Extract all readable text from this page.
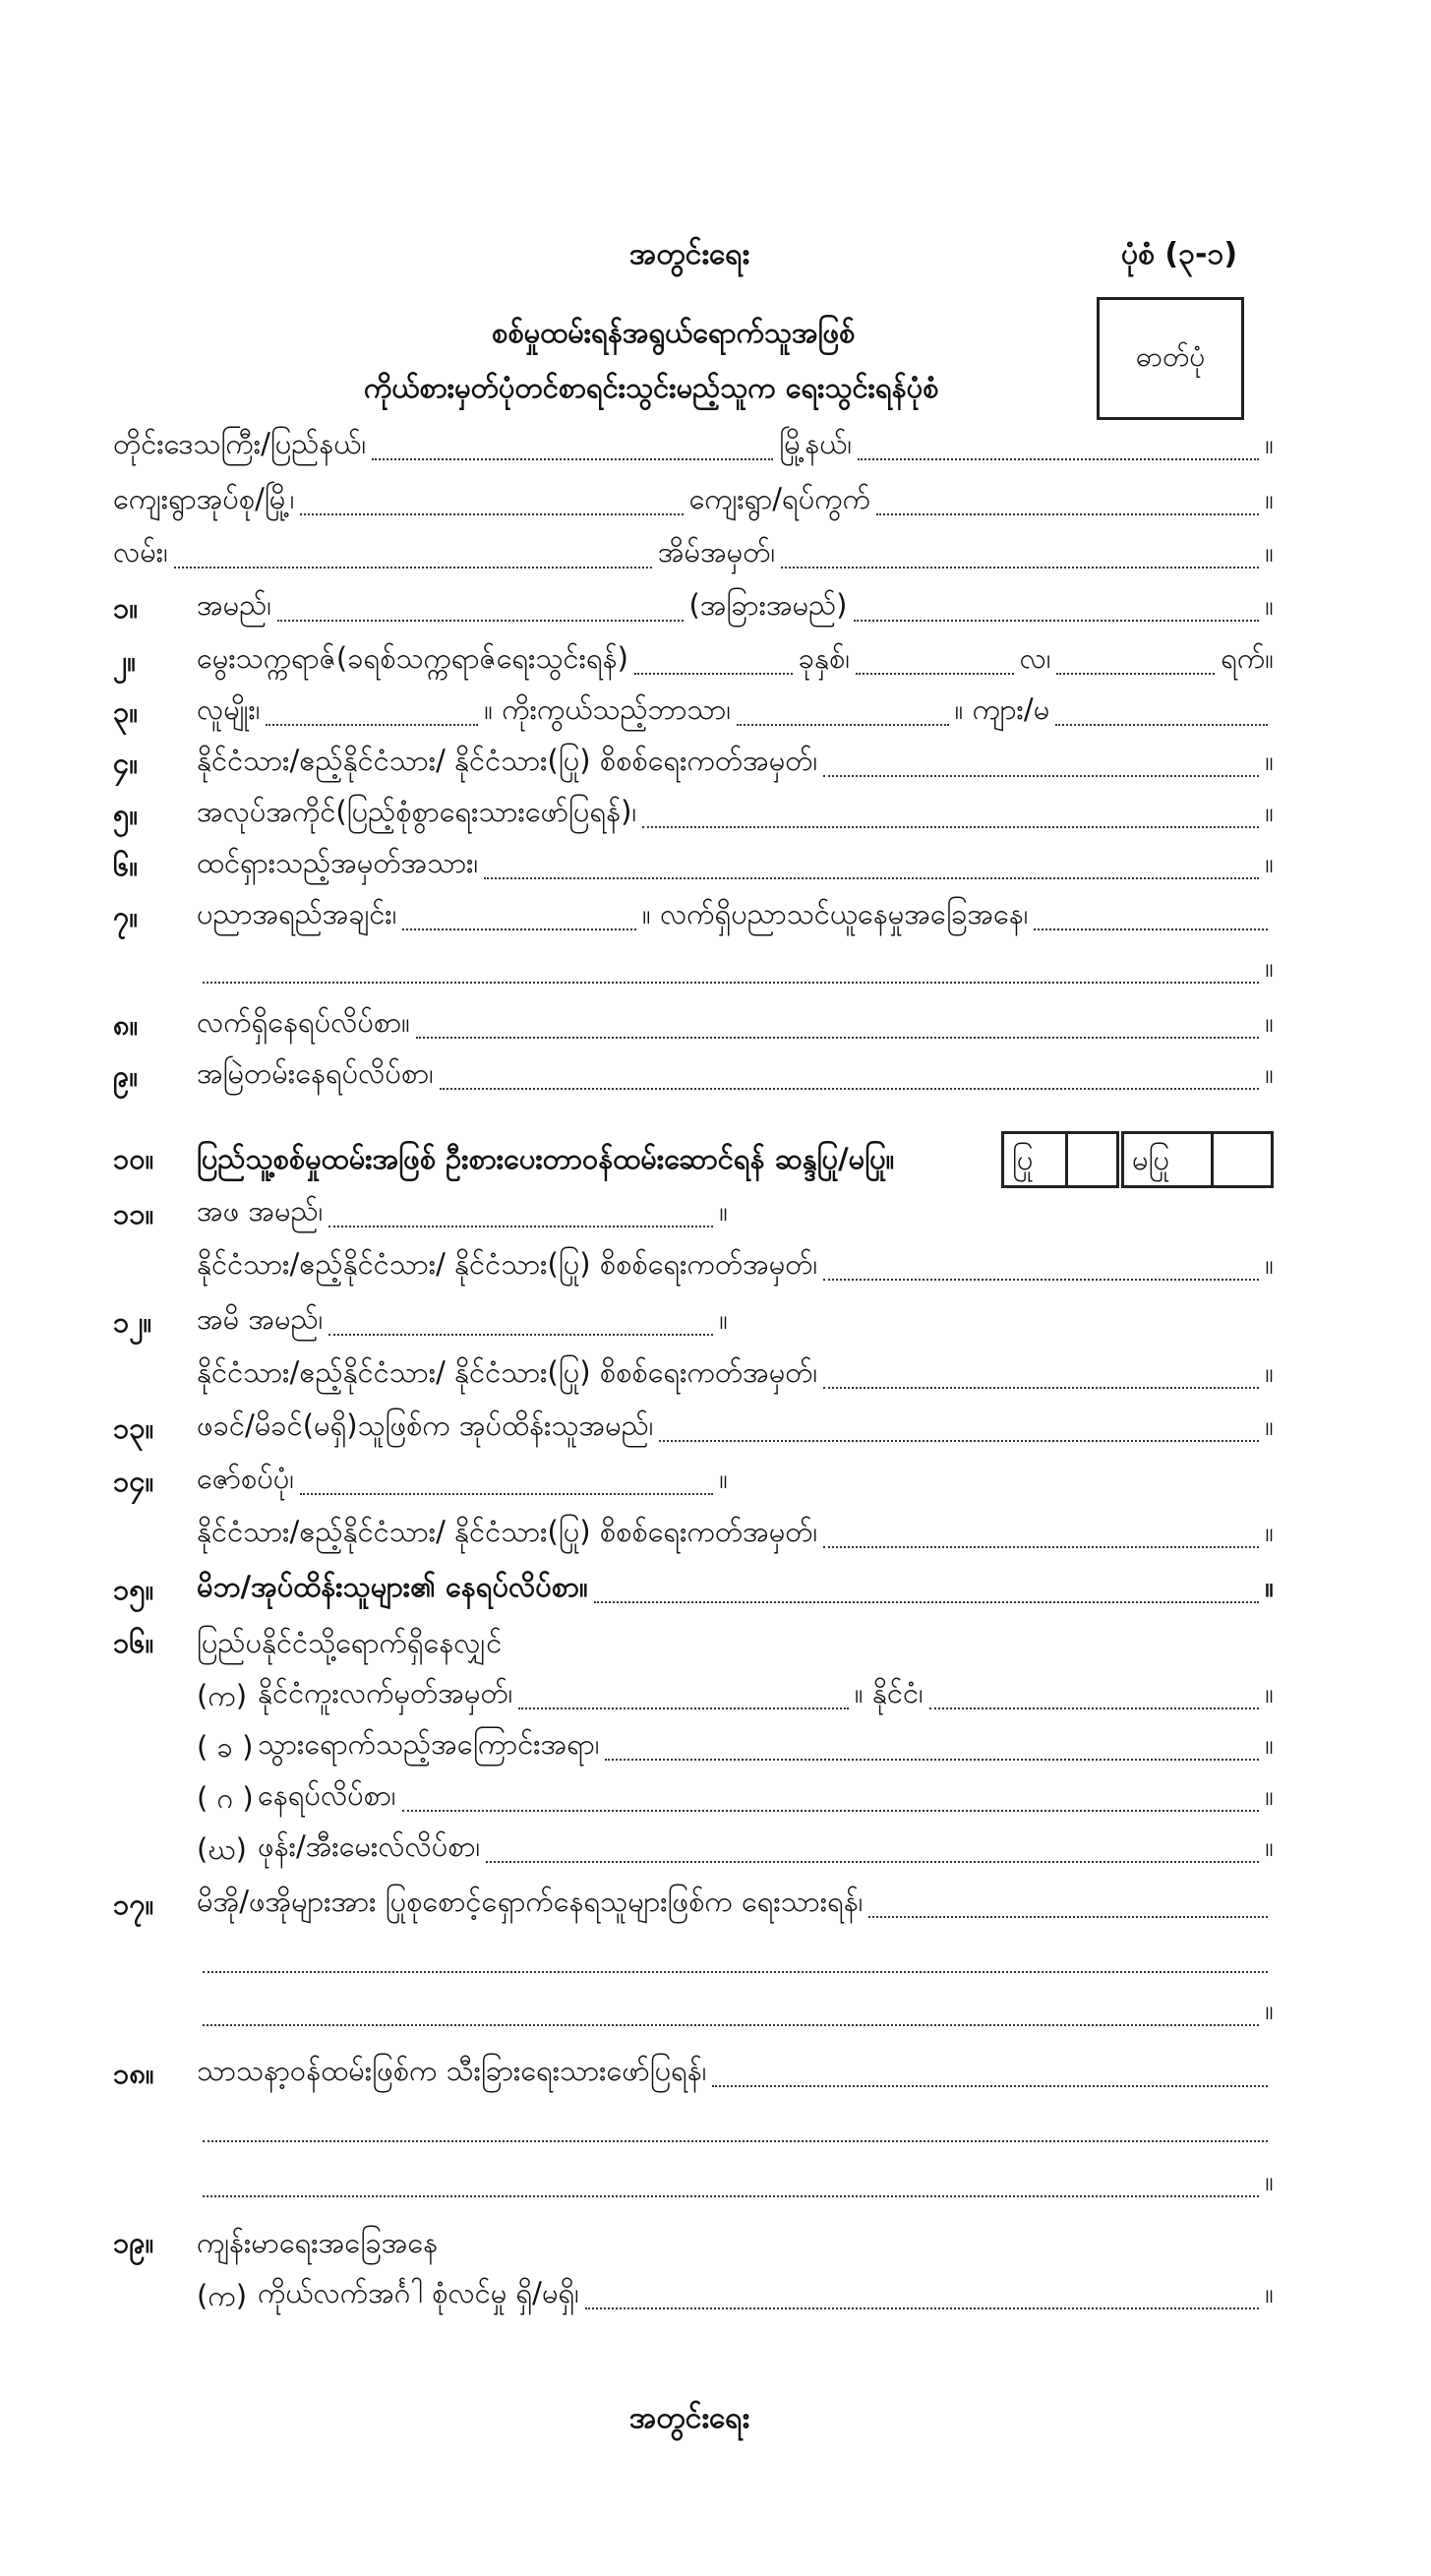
အတွင်းရေး	ပုံစံ (၃-၁)
ဓာတ်ပုံ
စစ်မှုထမ်းရန်အရွယ်ရောက်သူအဖြစ်
ကိုယ်စားမှတ်ပုံတင်စာရင်းသွင်းမည့်သူက ရေးသွင်းရန်ပုံစံ
တိုင်းဒေသကြီး/ပြည်နယ်၊	မြို့နယ်၊	။
ကျေးရွာအုပ်စု/မြို့၊	ကျေးရွာ/ရပ်ကွက်	။
လမ်း၊	အိမ်အမှတ်၊	။
၁။ အမည်၊	(အခြားအမည်)	။
၂။ မွေးသက္ကရာဇ်(ခရစ်သက္ကရာဇ်ရေးသွင်းရန်)	ခုနှစ်၊	လ၊	ရက်။
၃။ လူမျိုး၊	။ ကိုးကွယ်သည့်ဘာသာ၊	။ ကျား/မ
၄။ နိုင်ငံသား/ဧည့်နိုင်ငံသား/ နိုင်ငံသား(ပြု) စိစစ်ရေးကတ်အမှတ်၊	။
၅။ အလုပ်အကိုင်(ပြည့်စုံစွာရေးသားဖော်ပြရန်)၊	။
၆။ ထင်ရှားသည့်အမှတ်အသား၊	။
၇။ ပညာအရည်အချင်း၊	။ လက်ရှိပညာသင်ယူနေမှုအခြေအနေ၊
။
၈။ လက်ရှိနေရပ်လိပ်စာ။	။
၉။ အမြဲတမ်းနေရပ်လိပ်စာ၊	။
၁၀။ ပြည်သူ့စစ်မှုထမ်းအဖြစ် ဦးစားပေးတာဝန်ထမ်းဆောင်ရန် ဆန္ဒပြု/မပြု။	ပြု	မပြု
၁၁။ အဖ အမည်၊	။
နိုင်ငံသား/ဧည့်နိုင်ငံသား/ နိုင်ငံသား(ပြု) စိစစ်ရေးကတ်အမှတ်၊	။
၁၂။ အမိ အမည်၊	။
နိုင်ငံသား/ဧည့်နိုင်ငံသား/ နိုင်ငံသား(ပြု) စိစစ်ရေးကတ်အမှတ်၊	။
၁၃။ ဖခင်/မိခင်(မရှိ)သူဖြစ်က အုပ်ထိန်းသူအမည်၊	။
၁၄။ ဇော်စပ်ပုံ၊	။
နိုင်ငံသား/ဧည့်နိုင်ငံသား/ နိုင်ငံသား(ပြု) စိစစ်ရေးကတ်အမှတ်၊	။
၁၅။ မိဘ/အုပ်ထိန်းသူများ၏ နေရပ်လိပ်စာ။	။
၁၆။ ပြည်ပနိုင်ငံသို့ရောက်ရှိနေလျှင်
(က) နိုင်ငံကူးလက်မှတ်အမှတ်၊	။ နိုင်ငံ၊	။
( ခ ) သွားရောက်သည့်အကြောင်းအရာ၊	။
( ဂ ) နေရပ်လိပ်စာ၊	။
(ဃ) ဖုန်း/အီးမေးလ်လိပ်စာ၊	။
၁၇။ မိအို/ဖအိုများအား ပြုစုစောင့်ရှောက်နေရသူများဖြစ်က ရေးသားရန်၊
။
၁၈။ သာသနာ့ဝန်ထမ်းဖြစ်က သီးခြားရေးသားဖော်ပြရန်၊
။
၁၉။ ကျန်းမာရေးအခြေအနေ
(က) ကိုယ်လက်အင်္ဂါ စုံလင်မှု ရှိ/မရှိ၊	။
အတွင်းရေး
